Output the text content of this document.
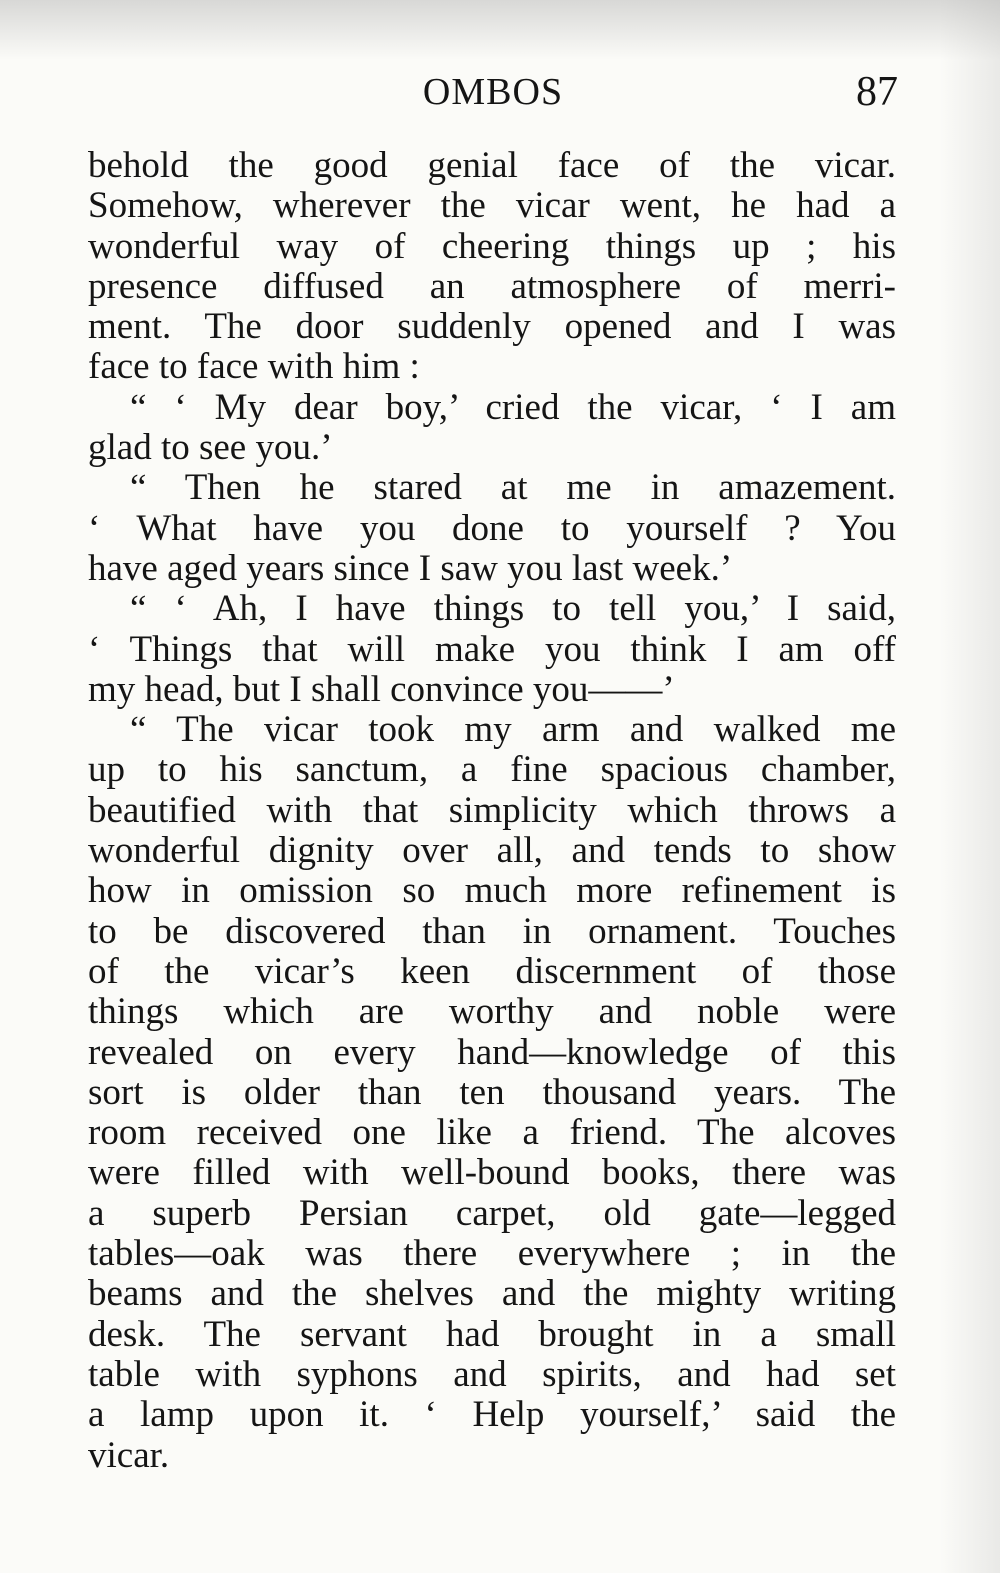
OMBOS	87
behold the good genial face of the vicar.
Somehow, wherever the vicar went, he had a
wonderful way of cheering things up ; his
presence diffused an atmosphere of merri-
ment. The door suddenly opened and I was
face to face with him :
“ ‘ My dear boy,’ cried the vicar, ‘ I am
glad to see you.’
“ Then he stared at me in amazement.
‘ What have you done to yourself ? You
have aged years since I saw you last week.’
“ ‘ Ah, I have things to tell you,’ I said,
‘ Things that will make you think I am off
my head, but I shall convince you——’
“ The vicar took my arm and walked me
up to his sanctum, a fine spacious chamber,
beautified with that simplicity which throws a
wonderful dignity over all, and tends to show
how in omission so much more refinement is
to be discovered than in ornament. Touches
of the vicar’s keen discernment of those
things which are worthy and noble were
revealed on every hand—knowledge of this
sort is older than ten thousand years. The
room received one like a friend. The alcoves
were filled with well-bound books, there was
a superb Persian carpet, old gate—legged
tables—oak was there everywhere ; in the
beams and the shelves and the mighty writing
desk. The servant had brought in a small
table with syphons and spirits, and had set
a lamp upon it. ‘ Help yourself,’ said the
vicar.
